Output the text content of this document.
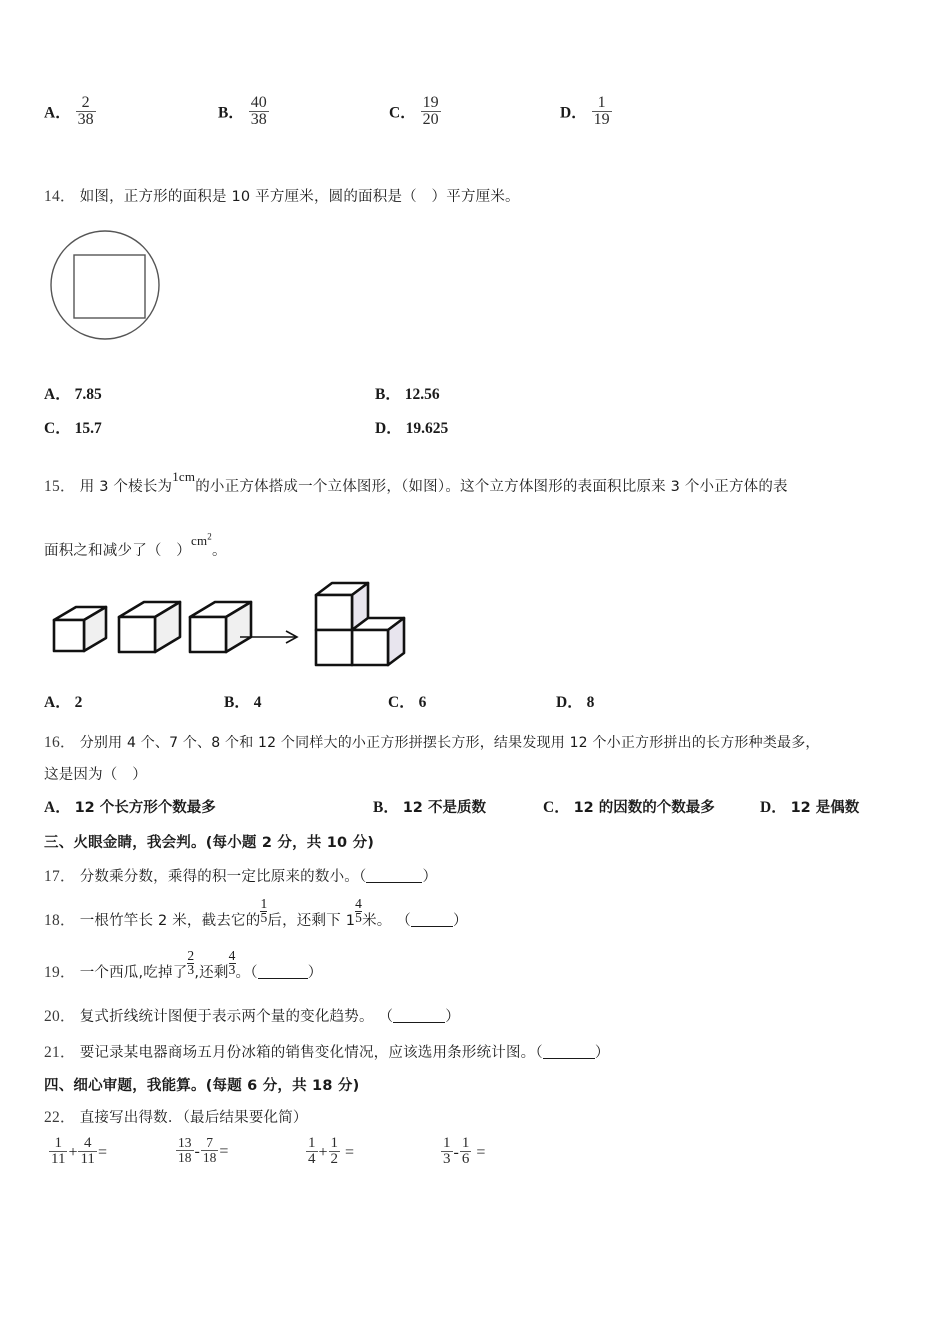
A． $\frac{2}{38}$	B． $\frac{40}{38}$	C． $\frac{19}{20}$	D． $\frac{1}{19}$
14． 如图，正方形的面积是 10 平方厘米，圆的面积是（　）平方厘米。
A． 7.85	B． 12.56
C． 15.7	D． 19.625
15． 用 3 个棱长为$^{1cm}$的小正方体搭成一个立体图形，（如图）。这个立方体图形的表面积比原来 3 个小正方体的表
面积之和减少了（　）$^{cm^2}$。
A． 2	B． 4	C． 6	D． 8
16． 分别用 4 个、7 个、8 个和 12 个同样大的小正方形拼摆长方形，结果发现用 12 个小正方形拼出的长方形种类最多，
这是因为（　）
A． 12 个长方形个数最多	B． 12 不是质数	C． 12 的因数的个数最多	D． 12 是偶数
三、火眼金睛，我会判。(每小题 2 分，共 10 分)
17． 分数乘分数，乘得的积一定比原来的数小。（	）
18． 一根竹竿长 2 米，截去它的 $\frac{1}{5}$ 后，还剩下 $1 \frac{4}{5}$ 米。 （	）
19． 一个西瓜,吃掉了 $\frac{2}{3}$ ,还剩 $\frac{4}{3}$ 。（	）
20． 复式折线统计图便于表示两个量的变化趋势。 （	）
21． 要记录某电器商场五月份冰箱的销售变化情况，应该选用条形统计图。（	）
四、细心审题，我能算。(每题 6 分，共 18 分)
22． 直接写出得数．（最后结果要化简）
$\frac{1}{11} + \frac{4}{11}$ =	$\frac{13}{18} - \frac{7}{18}$ =	$\frac{1}{4} + \frac{1}{2}$ =	$\frac{1}{3} - \frac{1}{6}$ =
